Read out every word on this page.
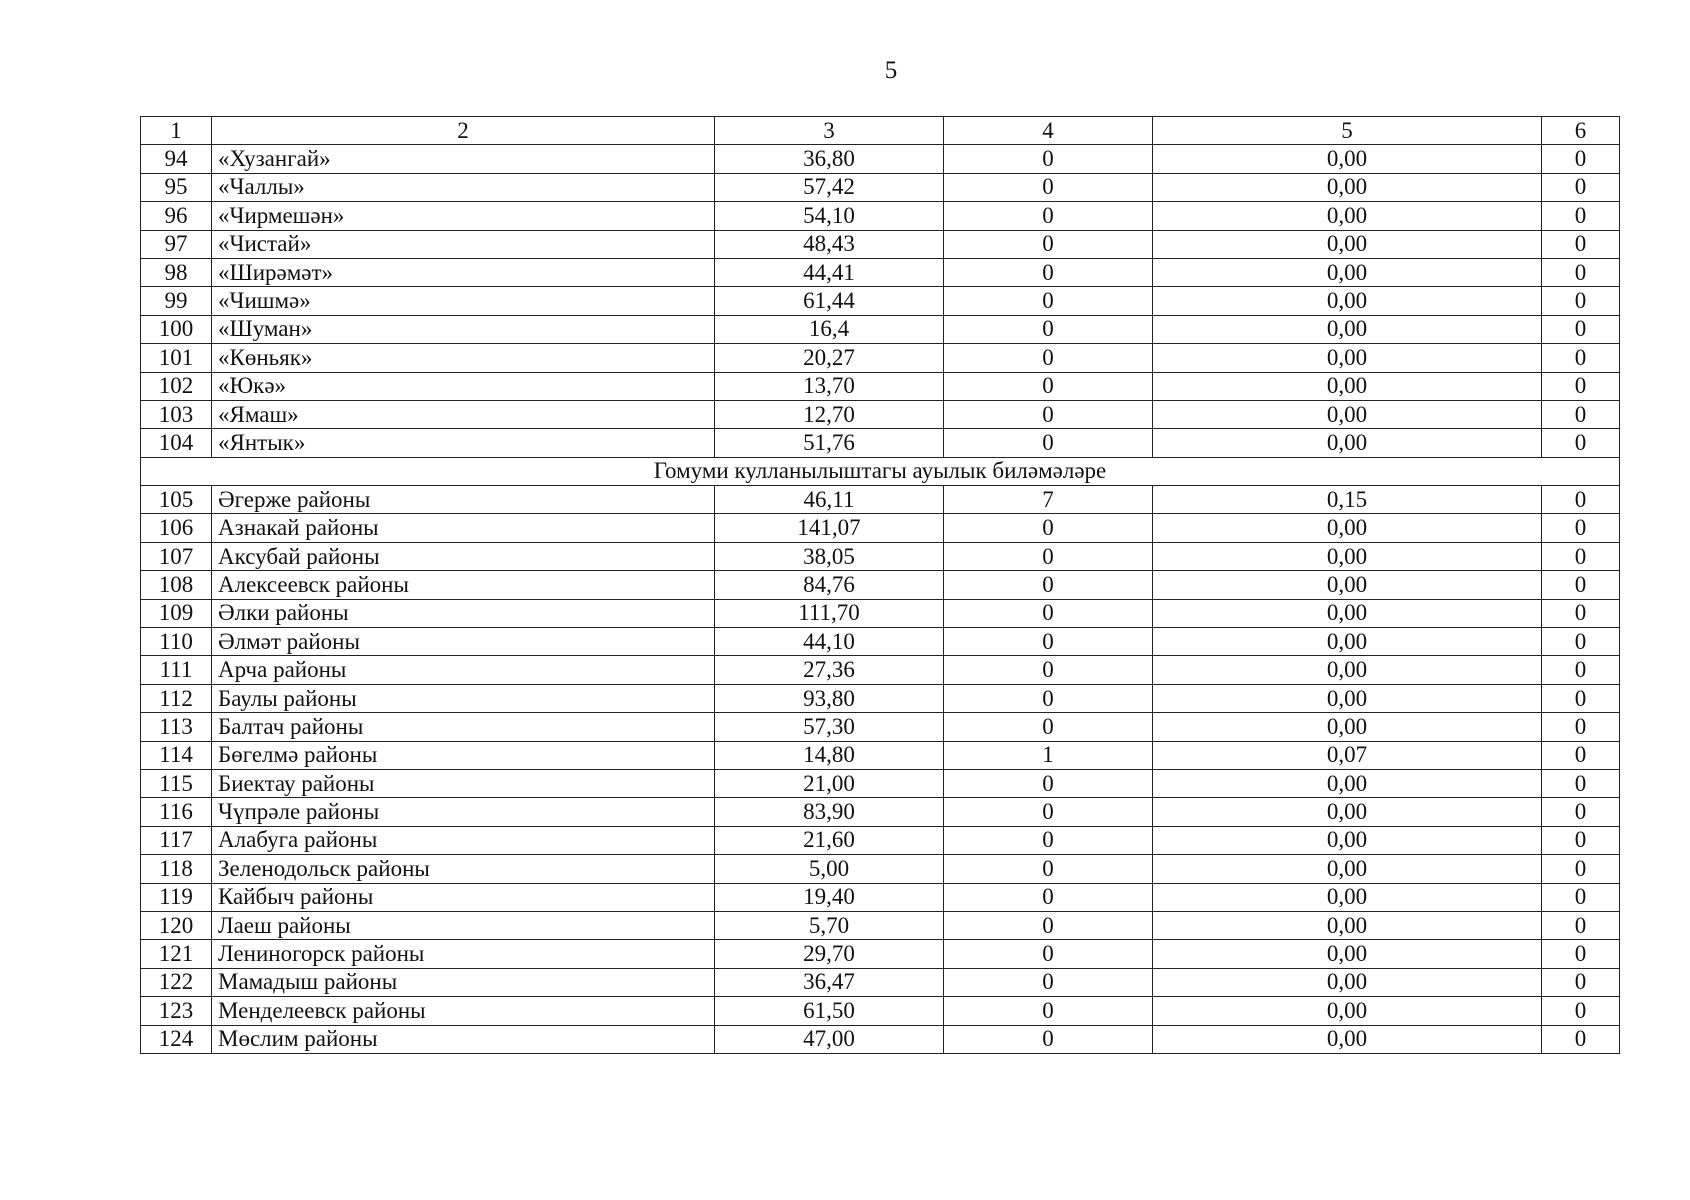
5
1	2	3	4	5	6
94	«Хузангай»	36,80	0	0,00	0
95	«Чаллы»	57,42	0	0,00	0
96	«Чирмешән»	54,10	0	0,00	0
97	«Чистай»	48,43	0	0,00	0
98	«Ширәмәт»	44,41	0	0,00	0
99	«Чишмә»	61,44	0	0,00	0
100	«Шуман»	16,4	0	0,00	0
101	«Көньяк»	20,27	0	0,00	0
102	«Юкә»	13,70	0	0,00	0
103	«Ямаш»	12,70	0	0,00	0
104	«Янтык»	51,76	0	0,00	0
Гомуми кулланылыштагы ауылык биләмәләре					
105	Әгерже районы	46,11	7	0,15	0
106	Азнакай районы	141,07	0	0,00	0
107	Аксубай районы	38,05	0	0,00	0
108	Алексеевск районы	84,76	0	0,00	0
109	Әлки районы	111,70	0	0,00	0
110	Әлмәт районы	44,10	0	0,00	0
111	Арча районы	27,36	0	0,00	0
112	Баулы районы	93,80	0	0,00	0
113	Балтач районы	57,30	0	0,00	0
114	Бөгелмә районы	14,80	1	0,07	0
115	Биектау районы	21,00	0	0,00	0
116	Чүпрәле районы	83,90	0	0,00	0
117	Алабуга районы	21,60	0	0,00	0
118	Зеленодольск районы	5,00	0	0,00	0
119	Кайбыч районы	19,40	0	0,00	0
120	Лаеш районы	5,70	0	0,00	0
121	Лениногорск районы	29,70	0	0,00	0
122	Мамадыш районы	36,47	0	0,00	0
123	Менделеевск районы	61,50	0	0,00	0
124	Мөслим районы	47,00	0	0,00	0
